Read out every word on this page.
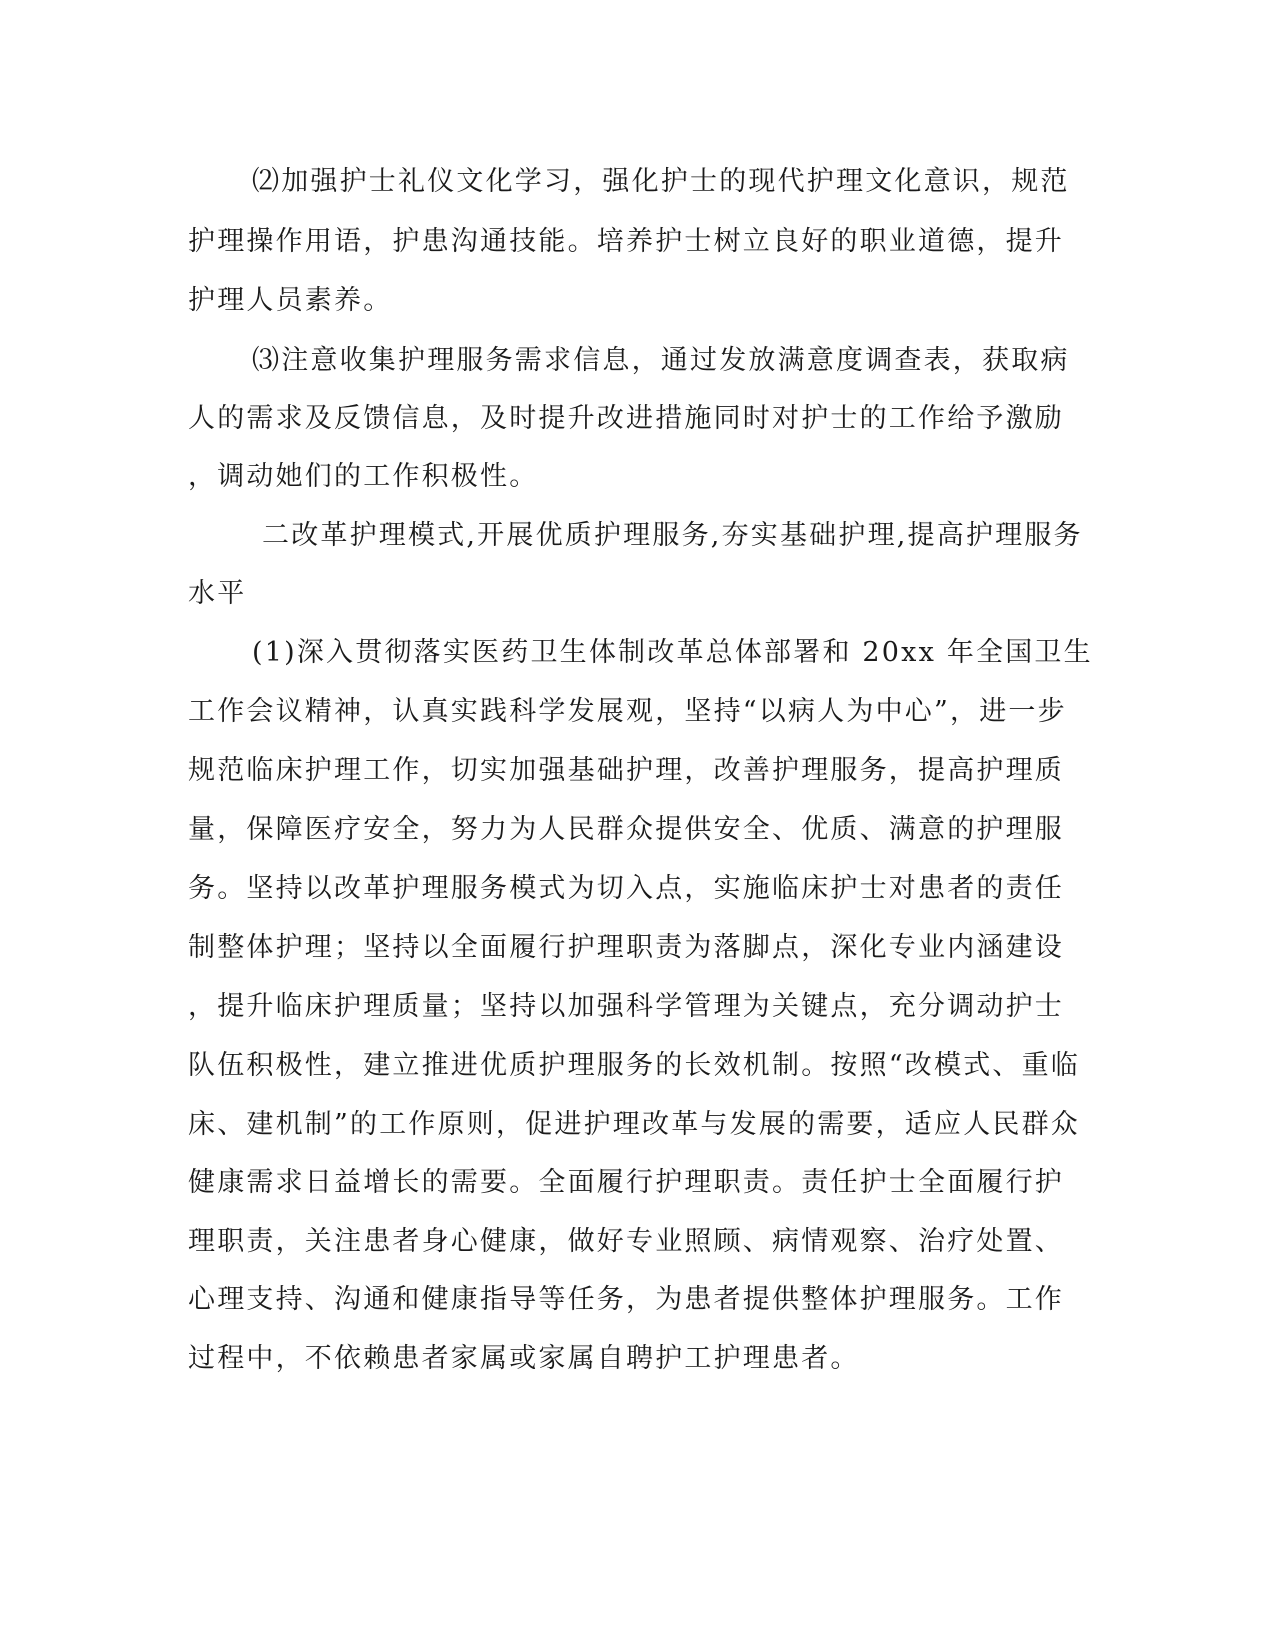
⑵加强护士礼仪文化学习，强化护士的现代护理文化意识，规范

护理操作用语，护患沟通技能。培养护士树立良好的职业道德，提升

护理人员素养。

⑶注意收集护理服务需求信息，通过发放满意度调查表，获取病

人的需求及反馈信息，及时提升改进措施同时对护士的工作给予激励

，调动她们的工作积极性。

二改革护理模式,开展优质护理服务,夯实基础护理,提高护理服务

水平

(1)深入贯彻落实医药卫生体制改革总体部署和 20xx 年全国卫生

工作会议精神，认真实践科学发展观，坚持“以病人为中心”，进一步

规范临床护理工作，切实加强基础护理，改善护理服务，提高护理质

量，保障医疗安全，努力为人民群众提供安全、优质、满意的护理服

务。坚持以改革护理服务模式为切入点，实施临床护士对患者的责任

制整体护理；坚持以全面履行护理职责为落脚点，深化专业内涵建设

，提升临床护理质量；坚持以加强科学管理为关键点，充分调动护士

队伍积极性，建立推进优质护理服务的长效机制。按照“改模式、重临

床、建机制”的工作原则，促进护理改革与发展的需要，适应人民群众

健康需求日益增长的需要。全面履行护理职责。责任护士全面履行护

理职责，关注患者身心健康，做好专业照顾、病情观察、治疗处置、

心理支持、沟通和健康指导等任务，为患者提供整体护理服务。工作

过程中，不依赖患者家属或家属自聘护工护理患者。
